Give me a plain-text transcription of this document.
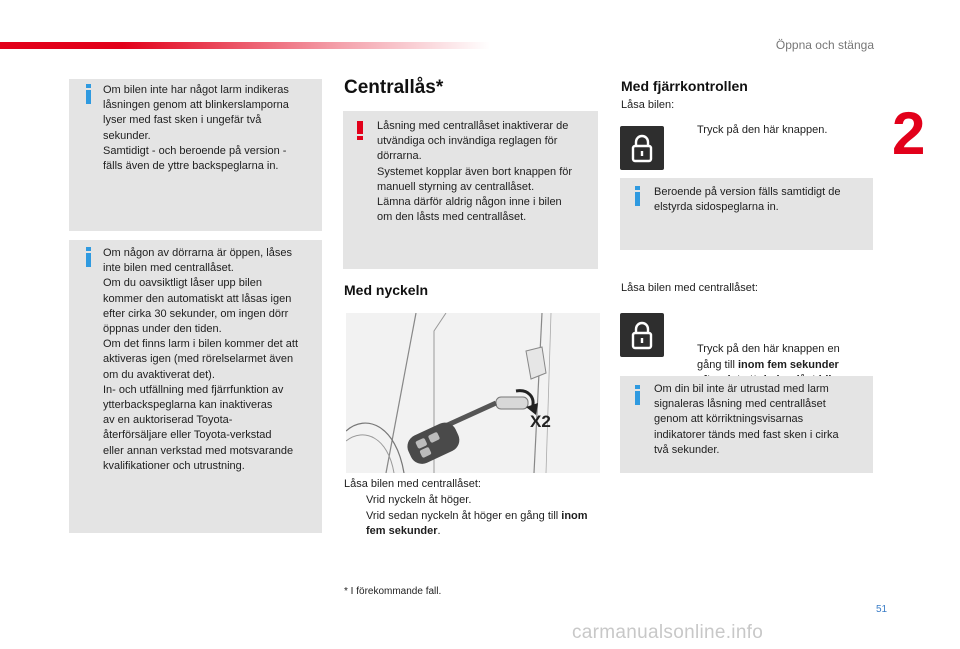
Öppna och stänga
2
Om bilen inte har något larm indikeras
låsningen genom att blinkerslamporna
lyser med fast sken i ungefär två
sekunder.
Samtidigt - och beroende på version -
fälls även de yttre backspeglarna in.
Om någon av dörrarna är öppen, låses
inte bilen med centrallåset.
Om du oavsiktligt låser upp bilen
kommer den automatiskt att låsas igen
efter cirka 30 sekunder, om ingen dörr
öppnas under den tiden.
Om det finns larm i bilen kommer det att
aktiveras igen (med rörelselarmet även
om du avaktiverat det).
In- och utfällning med fjärrfunktion av
ytterbackspeglarna kan inaktiveras
av en auktoriserad Toyota-
återförsäljare eller Toyota-verkstad
eller annan verkstad med motsvarande
kvalifikationer och utrustning.
Centrallås*
Låsning med centrallåset inaktiverar de
utvändiga och invändiga reglagen för
dörrarna.
Systemet kopplar även bort knappen för
manuell styrning av centrallåset.
Lämna därför aldrig någon inne i bilen
om den låsts med centrallåset.
Med nyckeln
X2
Låsa bilen med centrallåset:
Vrid nyckeln åt höger.
Vrid sedan nyckeln åt höger en gång till inom fem sekunder.
* I förekommande fall.
Med fjärrkontrollen
Låsa bilen:
Tryck på den här knappen.
Beroende på version fälls samtidigt de
elstyrda sidospeglarna in.
Låsa bilen med centrallåset:

Tryck på den här knappen en
gång till inom fem sekunder

Om din bil inte är utrustad med larm
signaleras låsning med centrallåset
genom att körriktningsvisarnas
indikatorer tänds med fast sken i cirka
två sekunder.
51
carmanualsonline.info
